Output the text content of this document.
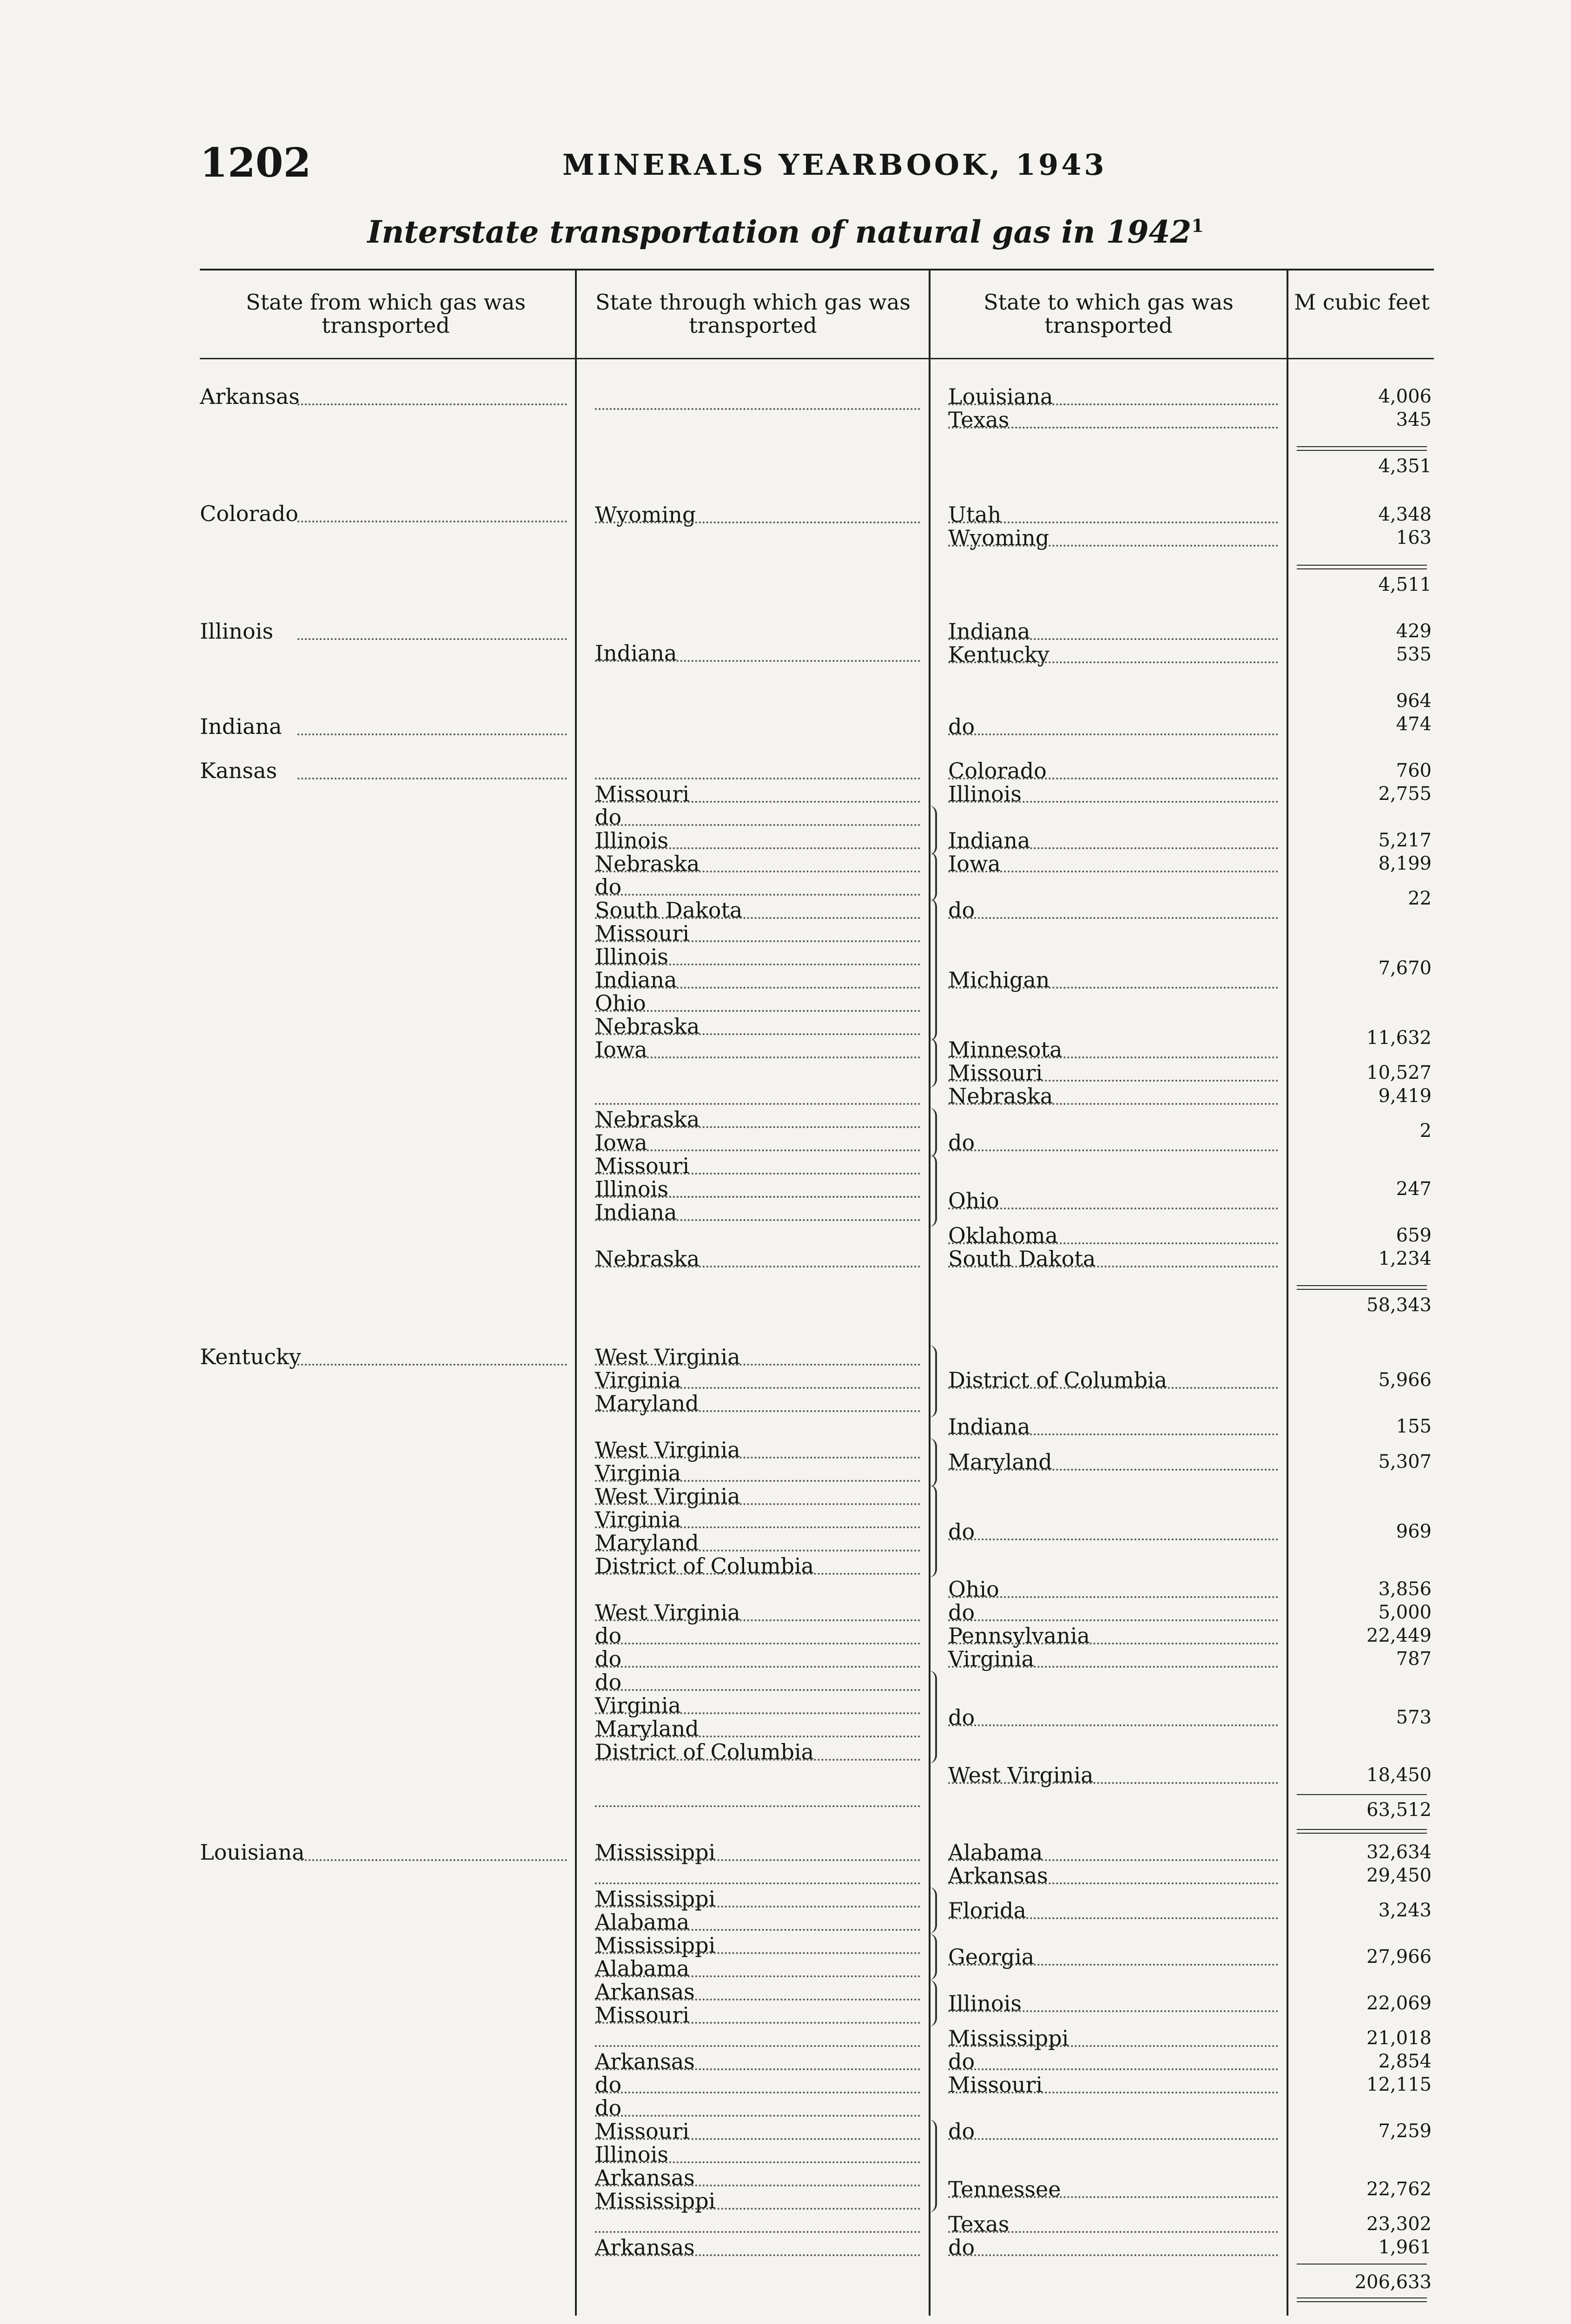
1202	MINERALS YEARBOOK, 1943
Interstate transportation of natural gas in 1942$^1$
State from which gas was transported
State through which gas was transported
State to which gas was transported
M cubic feet
Arkansas
Colorado
Illinois
Indiana
Kansas
Kentucky
Louisiana
Wyoming
Indiana
Missouri
do
Illinois
Nebraska
do
South Dakota
Missouri
Illinois
Indiana
Ohio
Nebraska
Iowa
Nebraska
Iowa
Missouri
Illinois
Indiana
Nebraska
West Virginia
Virginia
Maryland
West Virginia
Virginia
West Virginia
Virginia
Maryland
District of Columbia
West Virginia
do
do
do
Virginia
Maryland
District of Columbia
Mississippi
Mississippi
Alabama
Mississippi
Alabama
Arkansas
Missouri
Arkansas
do
do
Missouri
Illinois
Arkansas
Mississippi
Arkansas
Louisiana
Texas
Utah
Wyoming
Indiana
Kentucky
do
Colorado
Illinois
Indiana
Iowa
do
Michigan
Minnesota
Missouri
Nebraska
do
Ohio
Oklahoma
South Dakota
District of Columbia
Indiana
Maryland
do
Ohio
do
Pennsylvania
Virginia
do
West Virginia
Alabama
Arkansas
Florida
Georgia
Illinois
Mississippi
do
Missouri
do
Tennessee
Texas
do
4,006
345
4,351
4,348
163
4,511
429
535
964
474
760
2,755
5,217
8,199
22
7,670
11,632
10,527
9,419
2
247
659
1,234
58,343
5,966
155
5,307
969
3,856
5,000
22,449
787
573
18,450
63,512
32,634
29,450
3,243
27,966
22,069
21,018
2,854
12,115
7,259
22,762
23,302
1,961
206,633
